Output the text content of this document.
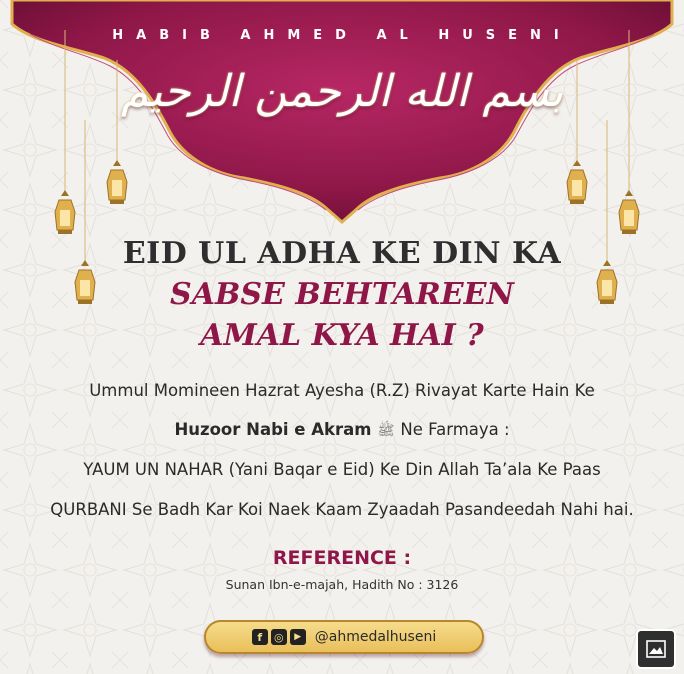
HABIB AHMED AL HUSENI
بسم الله الرحمن الرحيم
EID UL ADHA KE DIN KA
SABSE BEHTAREEN
AMAL KYA HAI ?
Ummul Momineen Hazrat Ayesha (R.Z) Rivayat Karte Hain Ke
Huzoor Nabi e Akram ﷺ Ne Farmaya :
YAUM UN NAHAR (Yani Baqar e Eid) Ke Din Allah Ta’ala Ke Paas
QURBANI Se Badh Kar Koi Naek Kaam Zyaadah Pasandeedah Nahi hai.
REFERENCE :
Sunan Ibn-e-majah, Hadith No : 3126
f	◎	▶ @ahmedalhuseni
